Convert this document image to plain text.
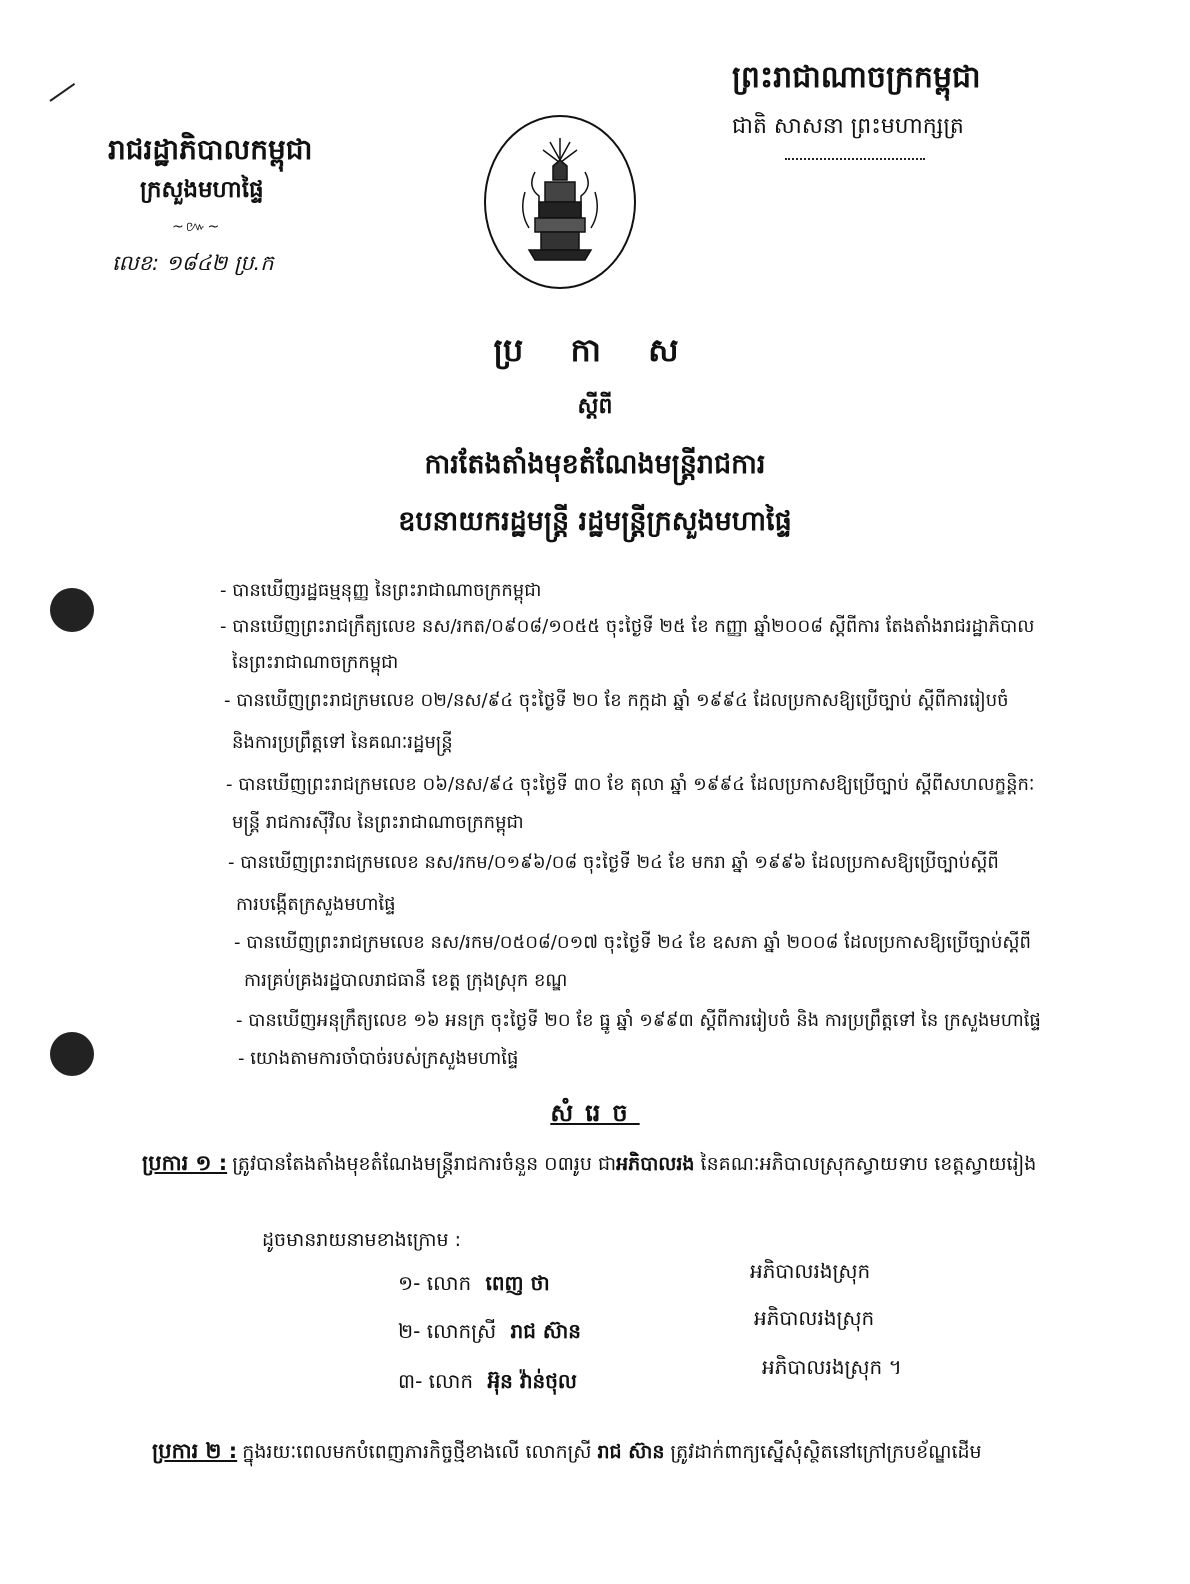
ព្រះរាជាណាចក្រកម្ពុជា
ជាតិ សាសនា ព្រះមហាក្សត្រ
រាជរដ្ឋាភិបាលកម្ពុជា
ក្រសួងមហាផ្ទៃ
~៚~
លេខ: ១៨៤២ ប្រ.ក
ប្រ កា ស
ស្ដីពី
ការតែងតាំងមុខតំណែងមន្ត្រីរាជការ
ឧបនាយករដ្ឋមន្ត្រី រដ្ឋមន្ត្រីក្រសួងមហាផ្ទៃ
- បានឃើញរដ្ឋធម្មនុញ្ញ នៃព្រះរាជាណាចក្រកម្ពុជា
- បានឃើញព្រះរាជក្រឹត្យលេខ នស/រកត/០៩០៨/១០៥៥ ចុះថ្ងៃទី ២៥ ខែ កញ្ញា ឆ្នាំ២០០៨ ស្ដីពីការ តែងតាំងរាជរដ្ឋាភិបាល
នៃព្រះរាជាណាចក្រកម្ពុជា
- បានឃើញព្រះរាជក្រមលេខ ០២/នស/៩៤ ចុះថ្ងៃទី ២០ ខែ កក្កដា ឆ្នាំ ១៩៩៤ ដែលប្រកាសឱ្យប្រើច្បាប់ ស្ដីពីការរៀបចំ
និងការប្រព្រឹត្តទៅ នៃគណៈរដ្ឋមន្ត្រី
- បានឃើញព្រះរាជក្រមលេខ ០៦/នស/៩៤ ចុះថ្ងៃទី ៣០ ខែ តុលា ឆ្នាំ ១៩៩៤ ដែលប្រកាសឱ្យប្រើច្បាប់ ស្ដីពីសហលក្ខន្តិកៈ
មន្ត្រី រាជការស៊ីវិល នៃព្រះរាជាណាចក្រកម្ពុជា
- បានឃើញព្រះរាជក្រមលេខ នស/រកម/០១៩៦/០៨ ចុះថ្ងៃទី ២៤ ខែ មករា ឆ្នាំ ១៩៩៦ ដែលប្រកាសឱ្យប្រើច្បាប់ស្ដីពី
ការបង្កើតក្រសួងមហាផ្ទៃ
- បានឃើញព្រះរាជក្រមលេខ នស/រកម/០៥០៨/០១៧ ចុះថ្ងៃទី ២៤ ខែ ឧសភា ឆ្នាំ ២០០៨ ដែលប្រកាសឱ្យប្រើច្បាប់ស្ដីពី
ការគ្រប់គ្រងរដ្ឋបាលរាជធានី ខេត្ត ក្រុងស្រុក ខណ្ឌ
- បានឃើញអនុក្រឹត្យលេខ ១៦ អនក្រ ចុះថ្ងៃទី ២០ ខែ ធ្នូ ឆ្នាំ ១៩៩៣ ស្ដីពីការរៀបចំ និង ការប្រព្រឹត្តទៅ នៃ ក្រសួងមហាផ្ទៃ
- យោងតាមការចាំបាច់របស់ក្រសួងមហាផ្ទៃ
សំរេច
ប្រការ ១ : ត្រូវបានតែងតាំងមុខតំណែងមន្ត្រីរាជការចំនួន ០៣រូប ជាអភិបាលរង នៃគណៈអភិបាលស្រុកស្វាយទាប ខេត្តស្វាយរៀង
ដូចមានរាយនាមខាងក្រោម :
១- លោក ពេញ ថា	អភិបាលរងស្រុក
២- លោកស្រី រាជ ស៊ាន
អភិបាលរងស្រុក
៣- លោក អ៊ុន វ៉ាន់ថុល
អភិបាលរងស្រុក ។
ប្រការ ២ : ក្នុងរយៈពេលមកបំពេញភារកិច្ចថ្មីខាងលើ លោកស្រី រាជ ស៊ាន ត្រូវដាក់ពាក្យស្នើសុំស្ថិតនៅក្រៅក្របខ័ណ្ឌដើម
